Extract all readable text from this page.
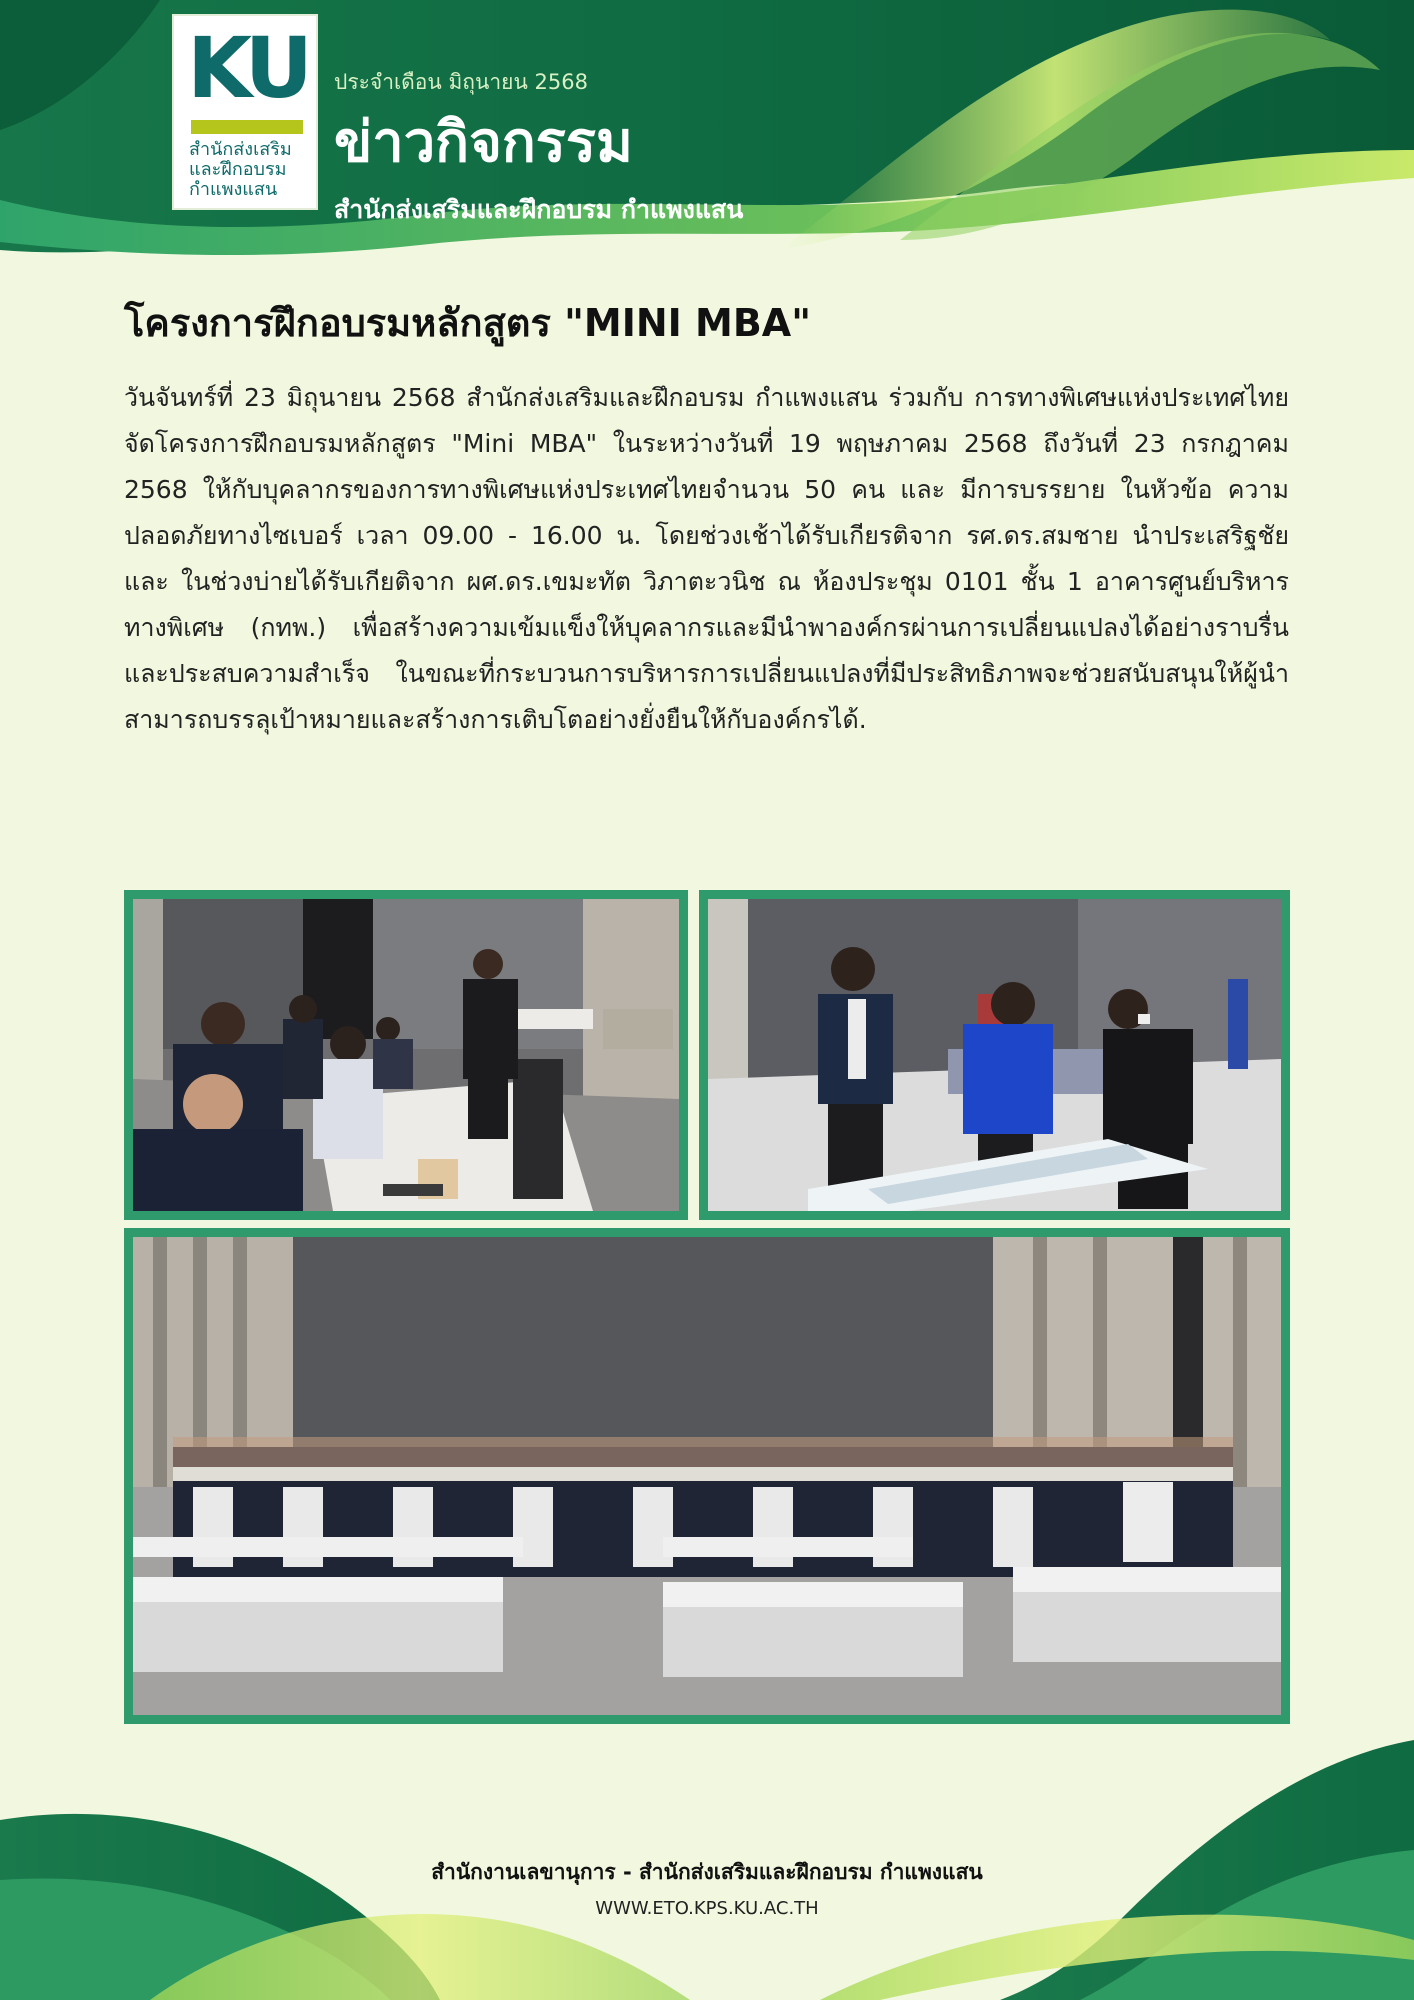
KU
สำนักส่งเสริม
และฝึกอบรม
กำแพงแสน
ประจำเดือน มิถุนายน 2568
ข่าวกิจกรรม
สำนักส่งเสริมและฝึกอบรม กำแพงแสน
โครงการฝึกอบรมหลักสูตร "MINI MBA"
วันจันทร์ที่ 23 มิถุนายน 2568 สำนักส่งเสริมและฝึกอบรม กำแพงแสน ร่วมกับ การทางพิเศษแห่งประเทศไทย จัดโครงการฝึกอบรมหลักสูตร "Mini MBA" ในระหว่างวันที่ 19 พฤษภาคม 2568 ถึงวันที่ 23 กรกฎาคม 2568 ให้กับบุคลากรของการทางพิเศษแห่งประเทศไทยจำนวน 50 คน และ มีการบรรยาย ในหัวข้อ ความปลอดภัยทางไซเบอร์ เวลา 09.00 - 16.00 น. โดยช่วงเช้าได้รับเกียรติจาก รศ.ดร.สมชาย นำประเสริฐชัย และ ในช่วงบ่ายได้รับเกียติจาก ผศ.ดร.เขมะทัต วิภาตะวนิช ณ ห้องประชุม 0101 ชั้น 1 อาคารศูนย์บริหารทางพิเศษ (กทพ.) เพื่อสร้างความเข้มแข็งให้บุคลากรและมีนำพาองค์กรผ่านการเปลี่ยนแปลงได้อย่างราบรื่นและประสบความสำเร็จ ในขณะที่กระบวนการบริหารการเปลี่ยนแปลงที่มีประสิทธิภาพจะช่วยสนับสนุนให้ผู้นำสามารถบรรลุเป้าหมายและสร้างการเติบโตอย่างยั่งยืนให้กับองค์กรได้.
สำนักงานเลขานุการ - สำนักส่งเสริมและฝึกอบรม กำแพงแสน
WWW.ETO.KPS.KU.AC.TH
